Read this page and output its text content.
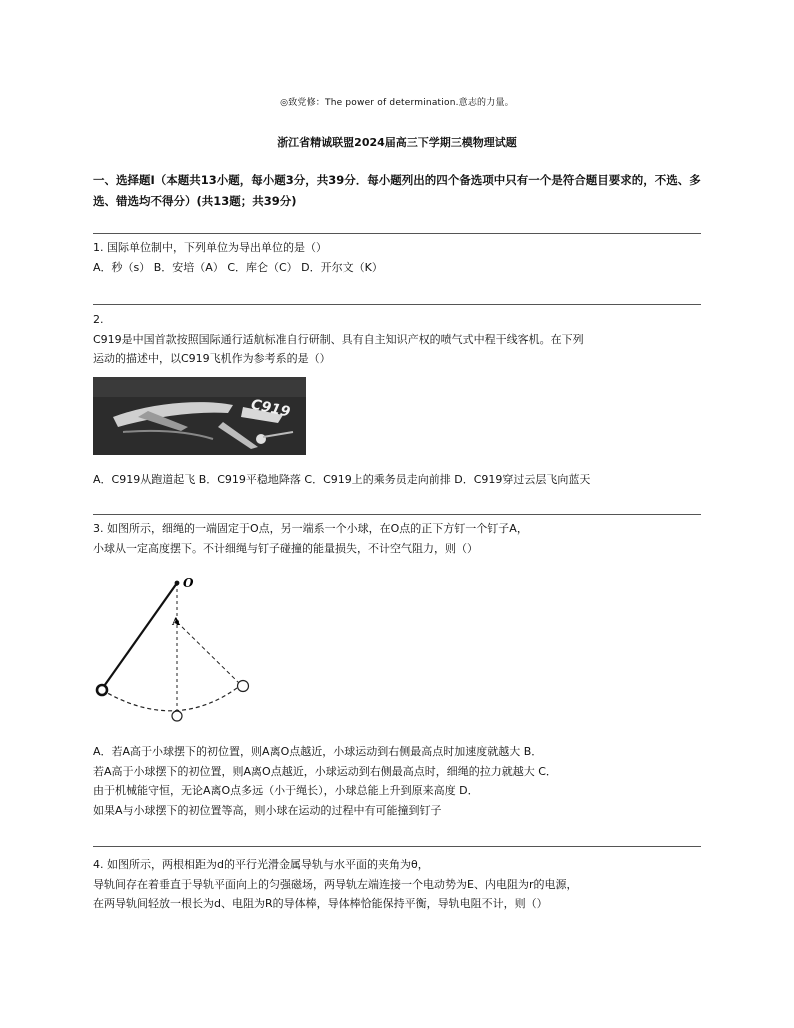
◎致党修：The power of determination.意志的力量。
浙江省精诚联盟2024届高三下学期三模物理试题
一、选择题Ⅰ（本题共13小题，每小题3分，共39分．每小题列出的四个备选项中只有一个是符合题目要求的，不选、多选、错选均不得分）(共13题；共39分)
1. 国际单位制中，下列单位为导出单位的是（）
A．秒（s） B．安培（A） C．库仑（C） D．开尔文（K）
2.
C919是中国首款按照国际通行适航标准自行研制、具有自主知识产权的喷气式中程干线客机。在下列
运动的描述中，以C919飞机作为参考系的是（）
C919
A．C919从跑道起飞 B．C919平稳地降落 C．C919上的乘务员走向前排 D．C919穿过云层飞向蓝天
3. 如图所示，细绳的一端固定于O点，另一端系一个小球，在O点的正下方钉一个钉子A，
小球从一定高度摆下。不计细绳与钉子碰撞的能量损失，不计空气阻力，则（）
O
A
A．若A高于小球摆下的初位置，则A离O点越近，小球运动到右侧最高点时加速度就越大 B．
若A高于小球摆下的初位置，则A离O点越近，小球运动到右侧最高点时，细绳的拉力就越大 C．
由于机械能守恒，无论A离O点多远（小于绳长），小球总能上升到原来高度 D．
如果A与小球摆下的初位置等高，则小球在运动的过程中有可能撞到钉子
4. 如图所示，两根相距为d的平行光滑金属导轨与水平面的夹角为θ，
导轨间存在着垂直于导轨平面向上的匀强磁场，两导轨左端连接一个电动势为E、内电阻为r的电源，
在两导轨间轻放一根长为d、电阻为R的导体棒，导体棒恰能保持平衡，导轨电阻不计，则（）
